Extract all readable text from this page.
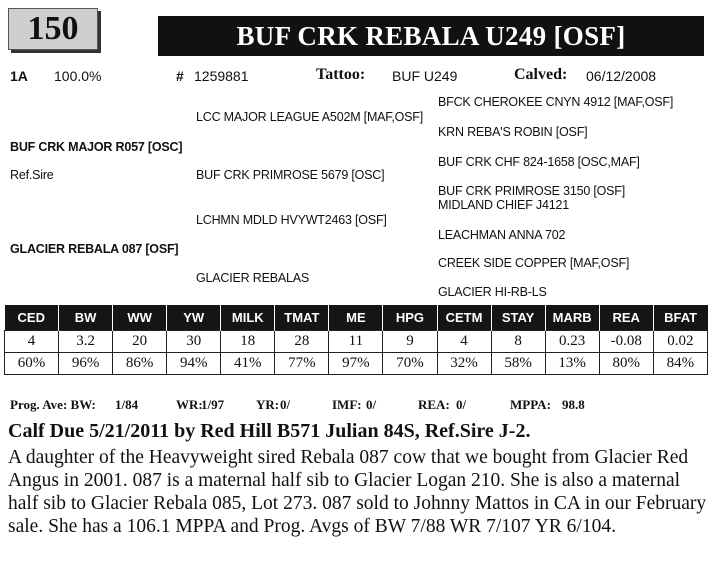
150	BUF CRK REBALA U249 [OSF]
1A 100.0%	# 1259881	Tattoo: BUF U249	Calved: 06/12/2008
BFCK CHEROKEE CNYN 4912 [MAF,OSF]
LCC MAJOR LEAGUE A502M [MAF,OSF]
KRN REBA'S ROBIN [OSF]
BUF CRK MAJOR R057 [OSC]
BUF CRK CHF 824-1658 [OSC,MAF]
Ref.Sire	BUF CRK PRIMROSE 5679 [OSC]
BUF CRK PRIMROSE 3150 [OSF]
MIDLAND CHIEF J4121
LCHMN MDLD HVYWT2463 [OSF]
LEACHMAN ANNA 702
GLACIER REBALA 087 [OSF]
CREEK SIDE COPPER [MAF,OSF]
GLACIER REBALAS
GLACIER HI-RB-LS
CED	BW	WW	YW	MILK	TMAT	ME	HPG	CETM	STAY	MARB	REA	BFAT
4	3.2	20	30	18	28	11	9	4	8	0.23	-0.08	0.02
60%	96%	86%	94%	41%	77%	97%	70%	32%	58%	13%	80%	84%
Prog. Ave: BW: 1/84	WR:
1/97 YR: 0/	IMF: 0/	REA: 0/	MPPA: 98.8
Calf Due 5/21/2011 by Red Hill B571 Julian 84S, Ref.Sire J-2.
A daughter of the Heavyweight sired Rebala 087 cow that we bought from Glacier Red Angus in 2001. 087 is a maternal half sib to Glacier Logan 210. She is also a maternal half sib to Glacier Rebala 085, Lot 273. 087 sold to Johnny Mattos in CA in our February sale. She has a 106.1 MPPA and Prog. Avgs of BW 7/88 WR 7/107 YR 6/104.
